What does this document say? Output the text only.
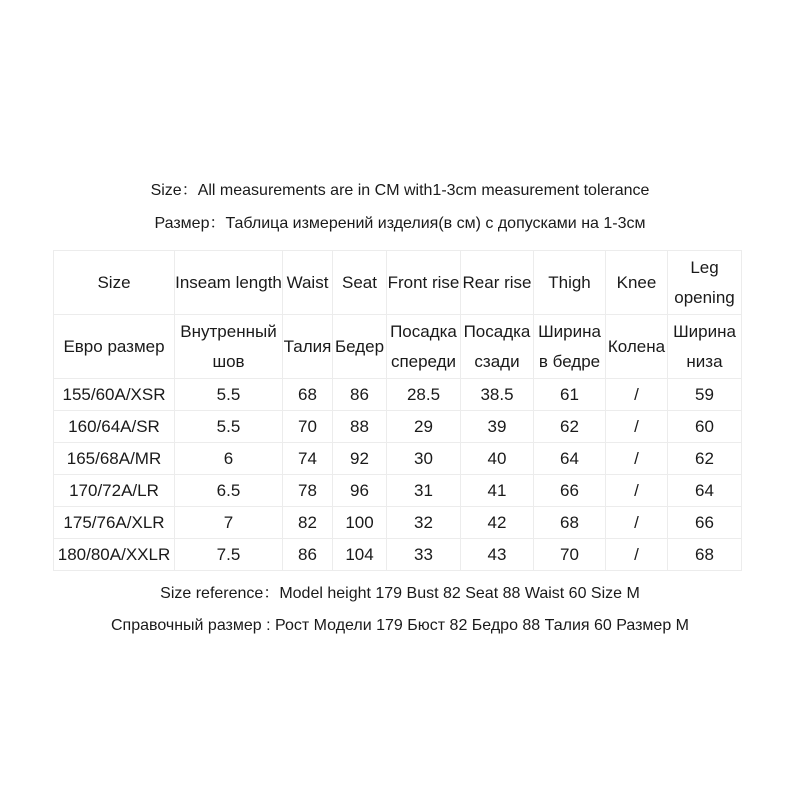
Size：All measurements are in CM with1-3cm measurement tolerance
Размер：Таблица измерений изделия(в см) с допусками на 1-3см
Size	Inseam length	Waist	Seat	Front rise	Rear rise	Thigh	Knee	Leg opening
Евро размер	Внутренный шов	Талия	Бедер	Посадка спереди	Посадка сзади	Ширина в бедре	Колена	Ширина низа
155/60A/XSR	5.5	68	86	28.5	38.5	61	/	59
160/64A/SR	5.5	70	88	29	39	62	/	60
165/68A/MR	6	74	92	30	40	64	/	62
170/72A/LR	6.5	78	96	31	41	66	/	64
175/76A/XLR	7	82	100	32	42	68	/	66
180/80A/XXLR	7.5	86	104	33	43	70	/	68
Size reference：Model height 179 Bust 82 Seat 88 Waist 60 Size M
Справочный размер : Рост Модели 179 Бюст 82 Бедро 88 Талия 60 Размер M
